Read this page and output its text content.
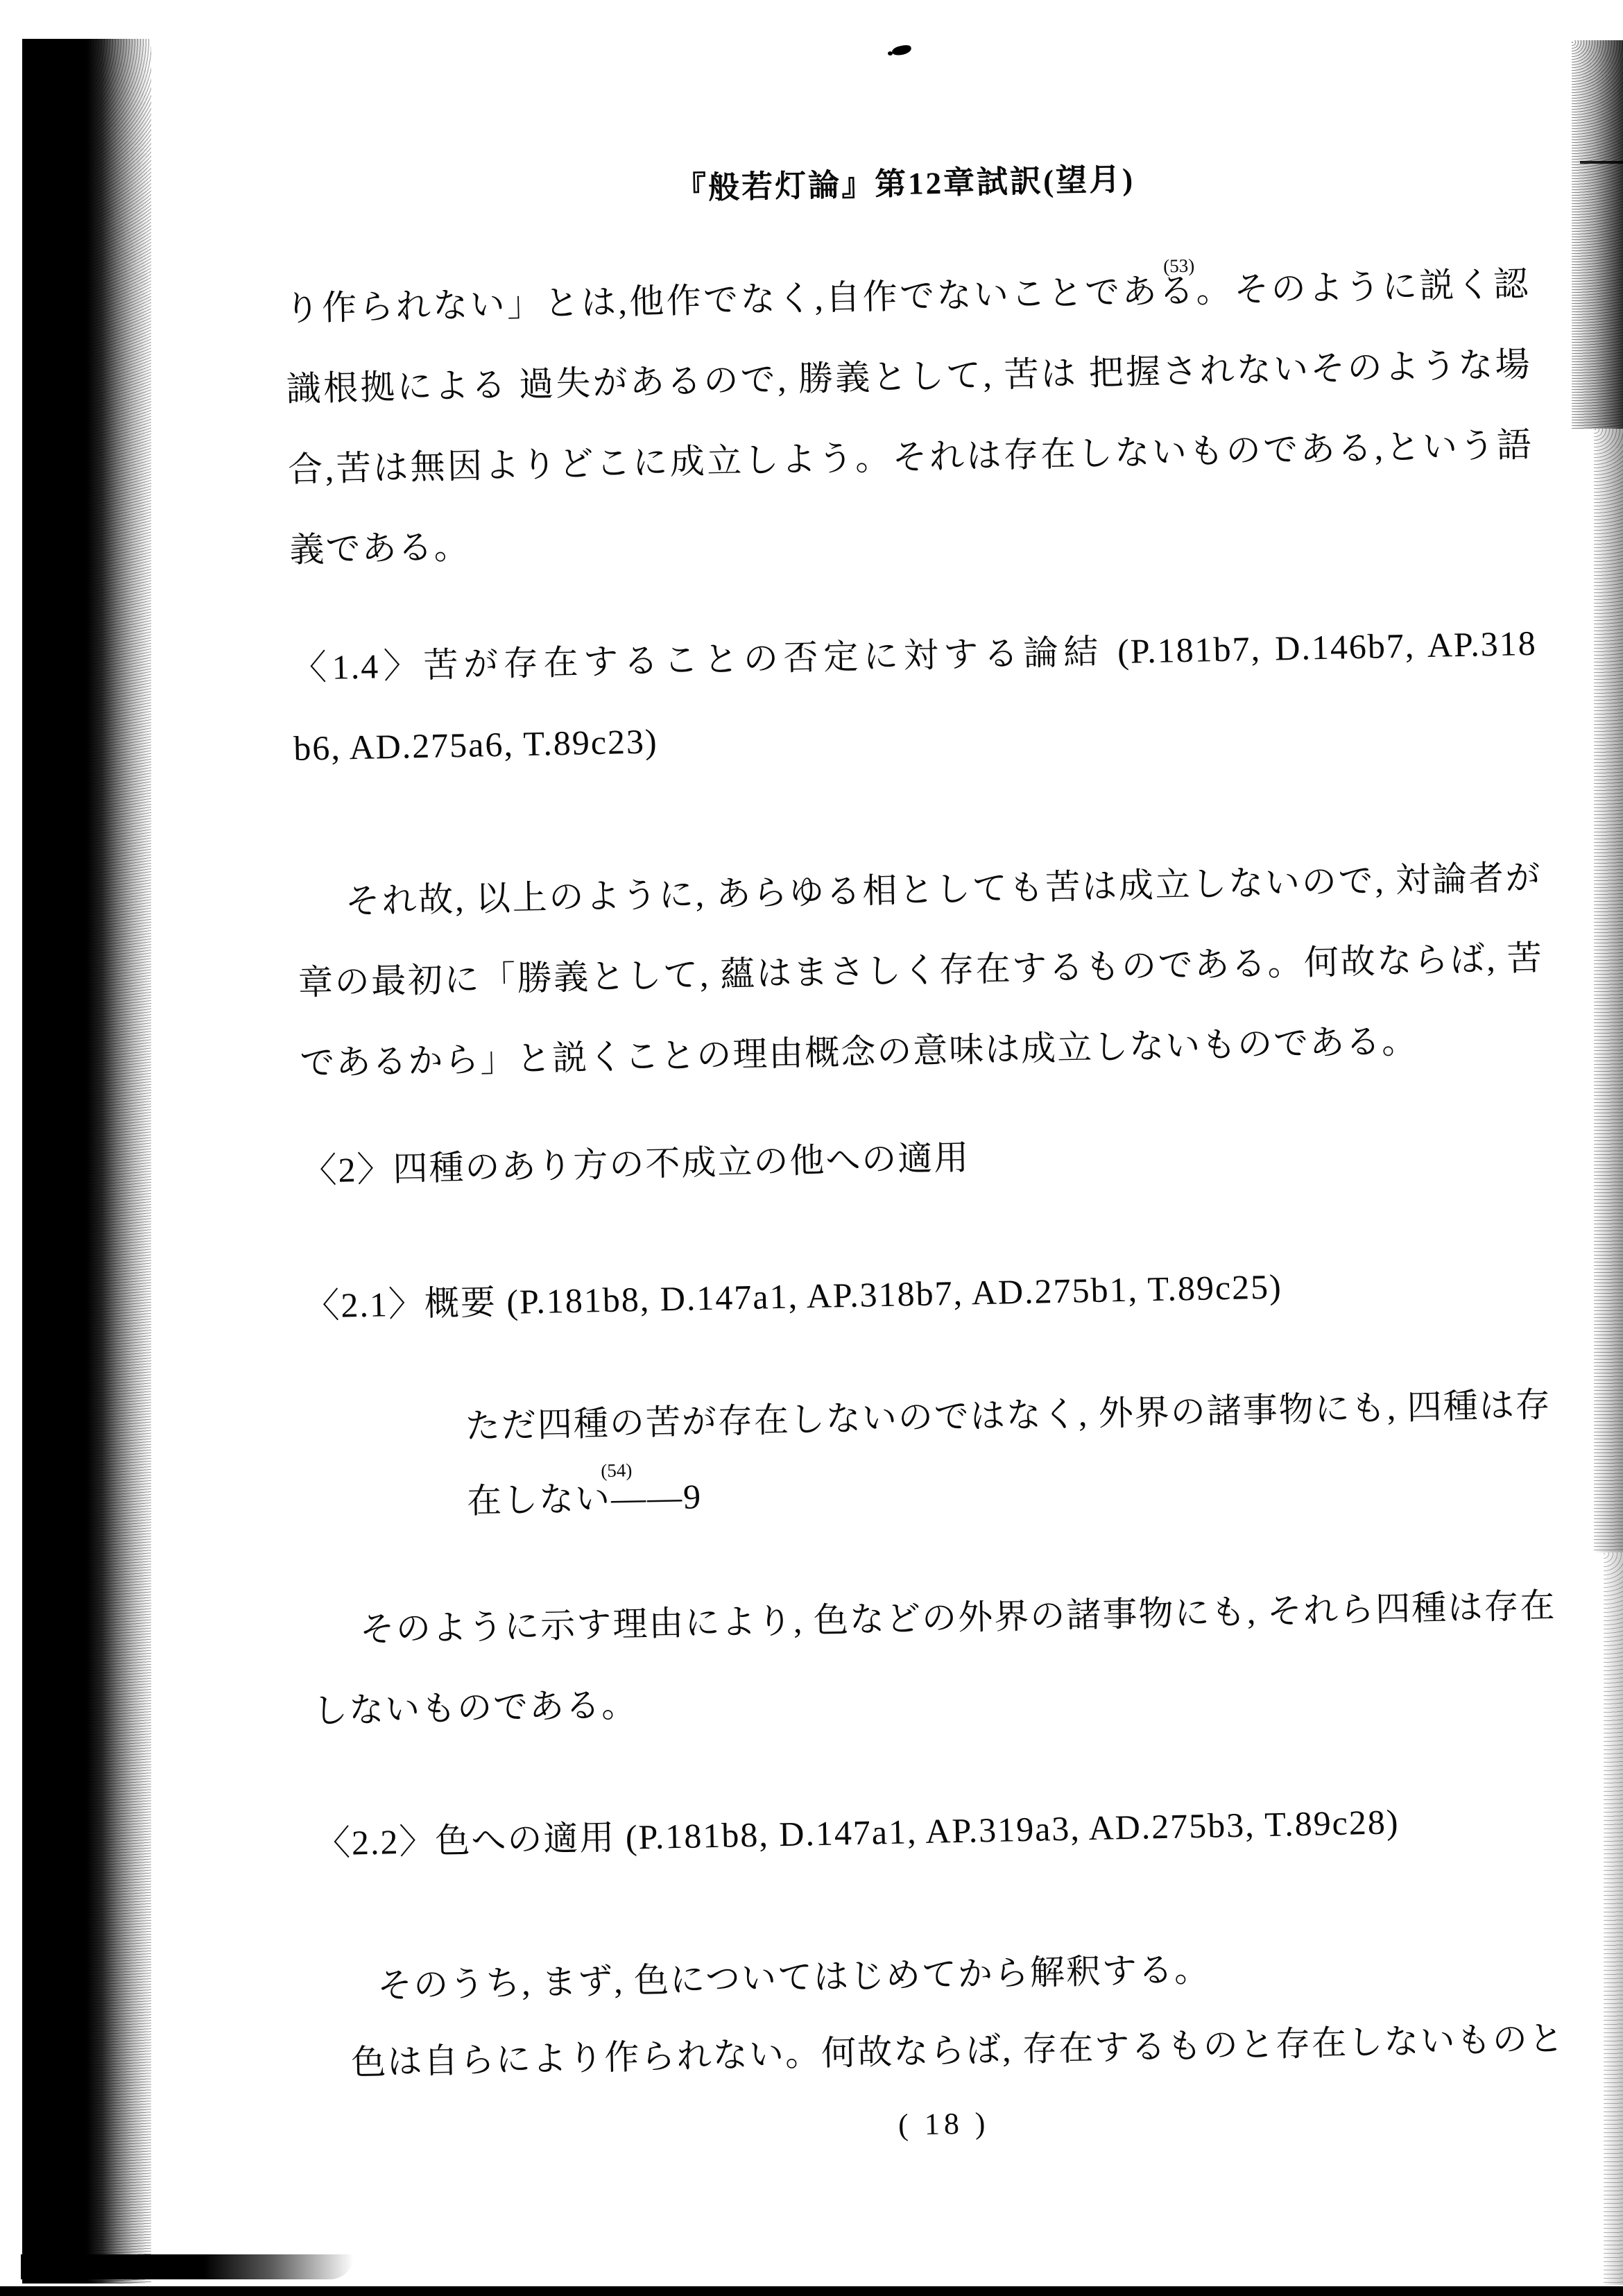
『般若灯論』第12章試訳(望月)

り作られない」とは,他作でなく,自作でないことである。(53) そのように説く認

識根拠による 過失があるので, 勝義として, 苦は 把握されないそのような場

合,苦は無因よりどこに成立しよう。それは存在しないものである,という語

義である。

〈1.4〉苦が存在することの否定に対する論結 (P.181b7, D.146b7, AP.318

b6, AD.275a6, T.89c23)

それ故, 以上のように, あらゆる相としても苦は成立しないので, 対論者が

章の最初に「勝義として, 蘊はまさしく存在するものである。何故ならば, 苦

であるから」と説くことの理由概念の意味は成立しないものである。

〈2〉四種のあり方の不成立の他への適用

〈2.1〉概要 (P.181b8, D.147a1, AP.318b7, AD.275b1, T.89c25)

ただ四種の苦が存在しないのではなく, 外界の諸事物にも, 四種は存

在しない(54)――9

そのように示す理由により, 色などの外界の諸事物にも, それら四種は存在

しないものである。

〈2.2〉色への適用 (P.181b8, D.147a1, AP.319a3, AD.275b3, T.89c28)

そのうち, まず, 色についてはじめてから解釈する。

色は自らにより作られない。何故ならば, 存在するものと存在しないものと

( 18 )
